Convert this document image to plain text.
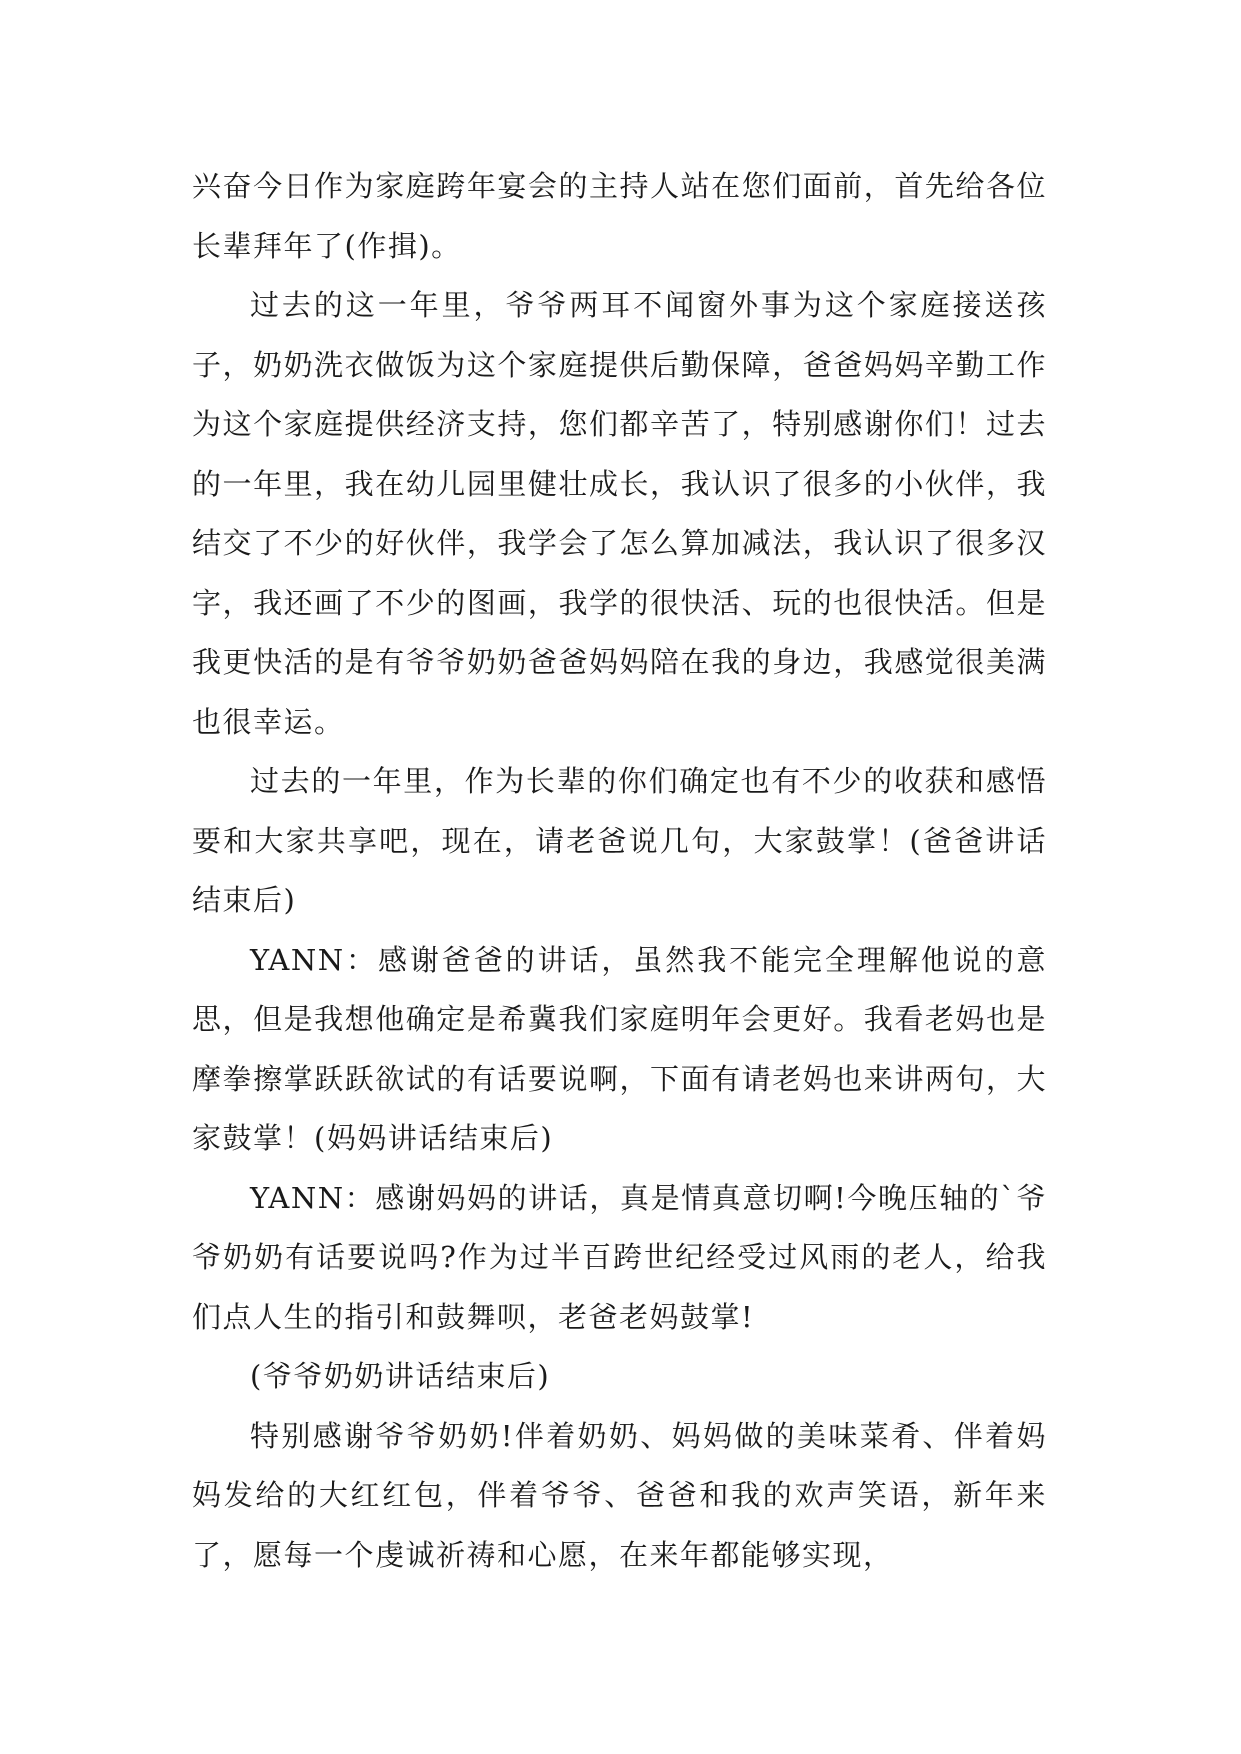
兴奋今日作为家庭跨年宴会的主持人站在您们面前，首先给各位长辈拜年了(作揖)。

过去的这一年里，爷爷两耳不闻窗外事为这个家庭接送孩子，奶奶洗衣做饭为这个家庭提供后勤保障，爸爸妈妈辛勤工作为这个家庭提供经济支持，您们都辛苦了，特别感谢你们！过去的一年里，我在幼儿园里健壮成长，我认识了很多的小伙伴，我结交了不少的好伙伴，我学会了怎么算加减法，我认识了很多汉字，我还画了不少的图画，我学的很快活、玩的也很快活。但是我更快活的是有爷爷奶奶爸爸妈妈陪在我的身边，我感觉很美满也很幸运。

过去的一年里，作为长辈的你们确定也有不少的收获和感悟要和大家共享吧，现在，请老爸说几句，大家鼓掌！(爸爸讲话结束后)

YANN：感谢爸爸的讲话，虽然我不能完全理解他说的意思，但是我想他确定是希冀我们家庭明年会更好。我看老妈也是摩拳擦掌跃跃欲试的有话要说啊，下面有请老妈也来讲两句，大家鼓掌！(妈妈讲话结束后)

YANN：感谢妈妈的讲话，真是情真意切啊!今晚压轴的`爷爷奶奶有话要说吗?作为过半百跨世纪经受过风雨的老人，给我们点人生的指引和鼓舞呗，老爸老妈鼓掌!

(爷爷奶奶讲话结束后)

特别感谢爷爷奶奶!伴着奶奶、妈妈做的美味菜肴、伴着妈妈发给的大红红包，伴着爷爷、爸爸和我的欢声笑语，新年来了，愿每一个虔诚祈祷和心愿，在来年都能够实现，
